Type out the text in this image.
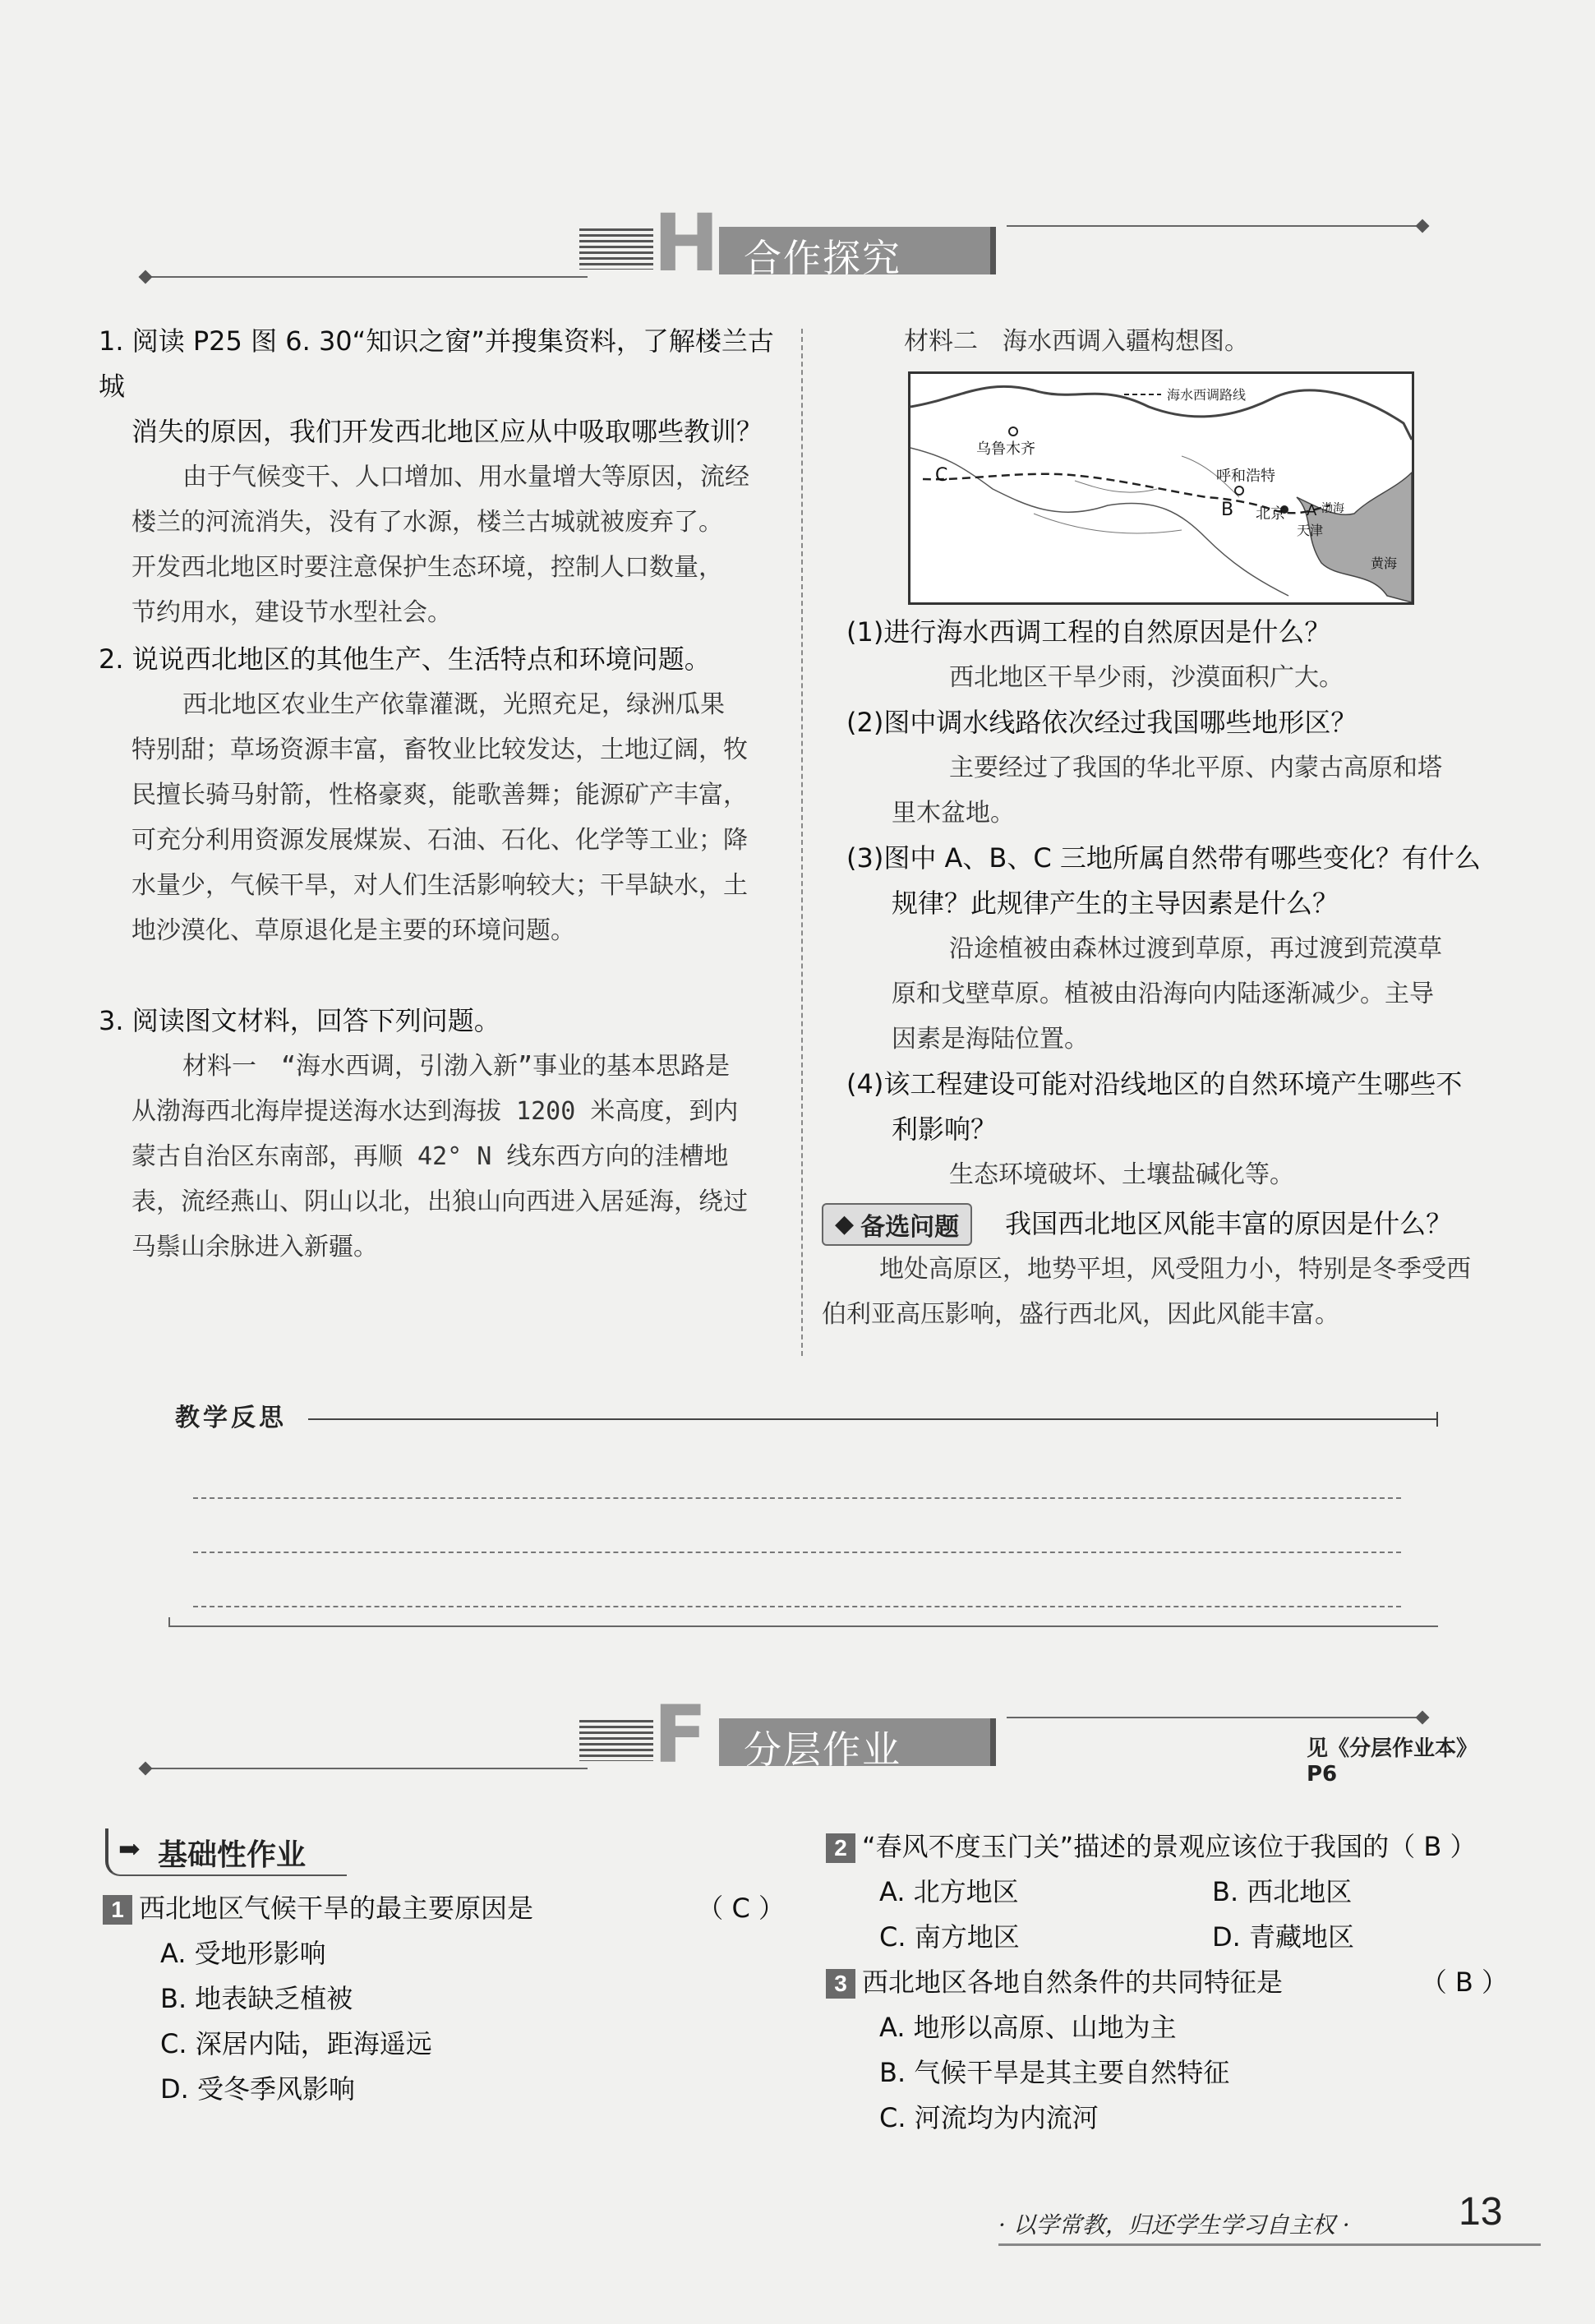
H 合作探究
1. 阅读 P25 图 6. 30“知识之窗”并搜集资料，了解楼兰古城
消失的原因，我们开发西北地区应从中吸取哪些教训？
由于气候变干、人口增加、用水量增大等原因，流经
楼兰的河流消失，没有了水源，楼兰古城就被废弃了。
开发西北地区时要注意保护生态环境，控制人口数量，
节约用水，建设节水型社会。
2. 说说西北地区的其他生产、生活特点和环境问题。
西北地区农业生产依靠灌溉，光照充足，绿洲瓜果
特别甜；草场资源丰富，畜牧业比较发达，土地辽阔，牧
民擅长骑马射箭，性格豪爽，能歌善舞；能源矿产丰富，
可充分利用资源发展煤炭、石油、石化、化学等工业；降
水量少，气候干旱，对人们生活影响较大；干旱缺水，土
地沙漠化、草原退化是主要的环境问题。
3. 阅读图文材料，回答下列问题。
材料一　“海水西调，引渤入新”事业的基本思路是
从渤海西北海岸提送海水达到海拔 1200 米高度，到内
蒙古自治区东南部，再顺 42° N 线东西方向的洼槽地
表，流经燕山、阴山以北，出狼山向西进入居延海，绕过
马鬃山余脉进入新疆。
材料二　海水西调入疆构想图。
海水西调路线
乌鲁木齐
C	呼和浩特
B 北京 A 渤海
天津
黄海
(1)进行海水西调工程的自然原因是什么？
西北地区干旱少雨，沙漠面积广大。
(2)图中调水线路依次经过我国哪些地形区？
主要经过了我国的华北平原、内蒙古高原和塔
里木盆地。
(3)图中 A、B、C 三地所属自然带有哪些变化？有什么
规律？此规律产生的主导因素是什么？
沿途植被由森林过渡到草原，再过渡到荒漠草
原和戈壁草原。植被由沿海向内陆逐渐减少。主导
因素是海陆位置。
(4)该工程建设可能对沿线地区的自然环境产生哪些不
利影响？
生态环境破坏、土壤盐碱化等。
◆ 备选问题 我国西北地区风能丰富的原因是什么？
地处高原区，地势平坦，风受阻力小，特别是冬季受西
伯利亚高压影响，盛行西北风，因此风能丰富。
教学反思
F 分层作业	见《分层作业本》P6
➡ 基础性作业
1 西北地区气候干旱的最主要原因是	（ C ）
A. 受地形影响
B. 地表缺乏植被
C. 深居内陆，距海遥远
D. 受冬季风影响
2 “春风不度玉门关”描述的景观应该位于我国的（ B ）
A. 北方地区	B. 西北地区
C. 南方地区	D. 青藏地区
3 西北地区各地自然条件的共同特征是	（ B ）
A. 地形以高原、山地为主
B. 气候干旱是其主要自然特征
C. 河流均为内流河
· 以学常教，归还学生学习自主权 ·	13
